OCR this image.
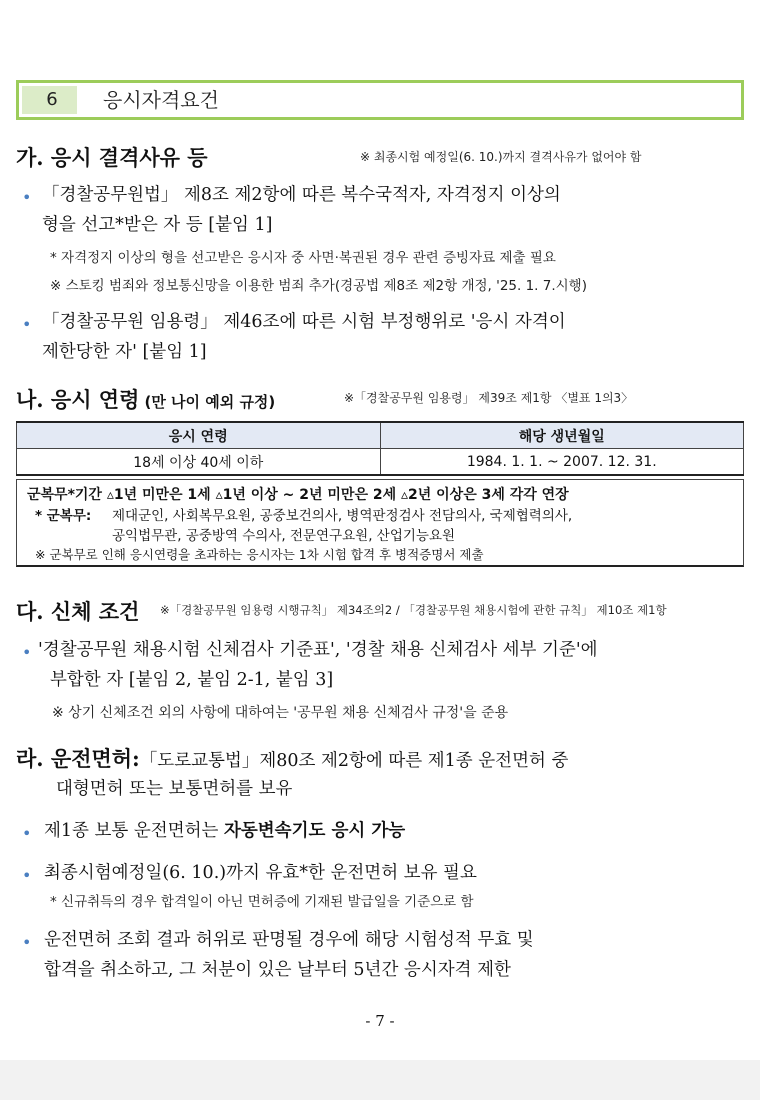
6	응시자격요건
가. 응시 결격사유 등	※ 최종시험 예정일(6. 10.)까지 결격사유가 없어야 함
• 「경찰공무원법」 제8조 제2항에 따른 복수국적자, 자격정지 이상의
형을 선고*받은 자 등 [붙임 1]
* 자격정지 이상의 형을 선고받은 응시자 중 사면·복권된 경우 관련 증빙자료 제출 필요
※ 스토킹 범죄와 정보통신망을 이용한 범죄 추가(경공법 제8조 제2항 개정, '25. 1. 7.시행)
• 「경찰공무원 임용령」 제46조에 따른 시험 부정행위로 '응시 자격이
제한당한 자' [붙임 1]
나. 응시 연령 (만 나이 예외 규정)	※「경찰공무원 임용령」 제39조 제1항 〈별표 1의3〉
응시 연령	해당 생년월일
18세 이상 40세 이하	1984. 1. 1. ~ 2007. 12. 31.
군복무*기간 ▵1년 미만은 1세 ▵1년 이상 ~ 2년 미만은 2세 ▵2년 이상은 3세 각각 연장
* 군복무: 제대군인, 사회복무요원, 공중보건의사, 병역판정검사 전담의사, 국제협력의사,
공익법무관, 공중방역 수의사, 전문연구요원, 산업기능요원
※ 군복무로 인해 응시연령을 초과하는 응시자는 1차 시험 합격 후 병적증명서 제출
다. 신체 조건 ※「경찰공무원 임용령 시행규칙」 제34조의2 / 「경찰공무원 채용시험에 관한 규칙」 제10조 제1항
• '경찰공무원 채용시험 신체검사 기준표', '경찰 채용 신체검사 세부 기준'에
부합한 자 [붙임 2, 붙임 2-1, 붙임 3]
※ 상기 신체조건 외의 사항에 대하여는 '공무원 채용 신체검사 규정'을 준용
라. 운전면허:「도로교통법」제80조 제2항에 따른 제1종 운전면허 중
대형면허 또는 보통면허를 보유
• 제1종 보통 운전면허는 자동변속기도 응시 가능
• 최종시험예정일(6. 10.)까지 유효*한 운전면허 보유 필요
* 신규취득의 경우 합격일이 아닌 면허증에 기재된 발급일을 기준으로 함
• 운전면허 조회 결과 허위로 판명될 경우에 해당 시험성적 무효 및
합격을 취소하고, 그 처분이 있은 날부터 5년간 응시자격 제한
- 7 -
